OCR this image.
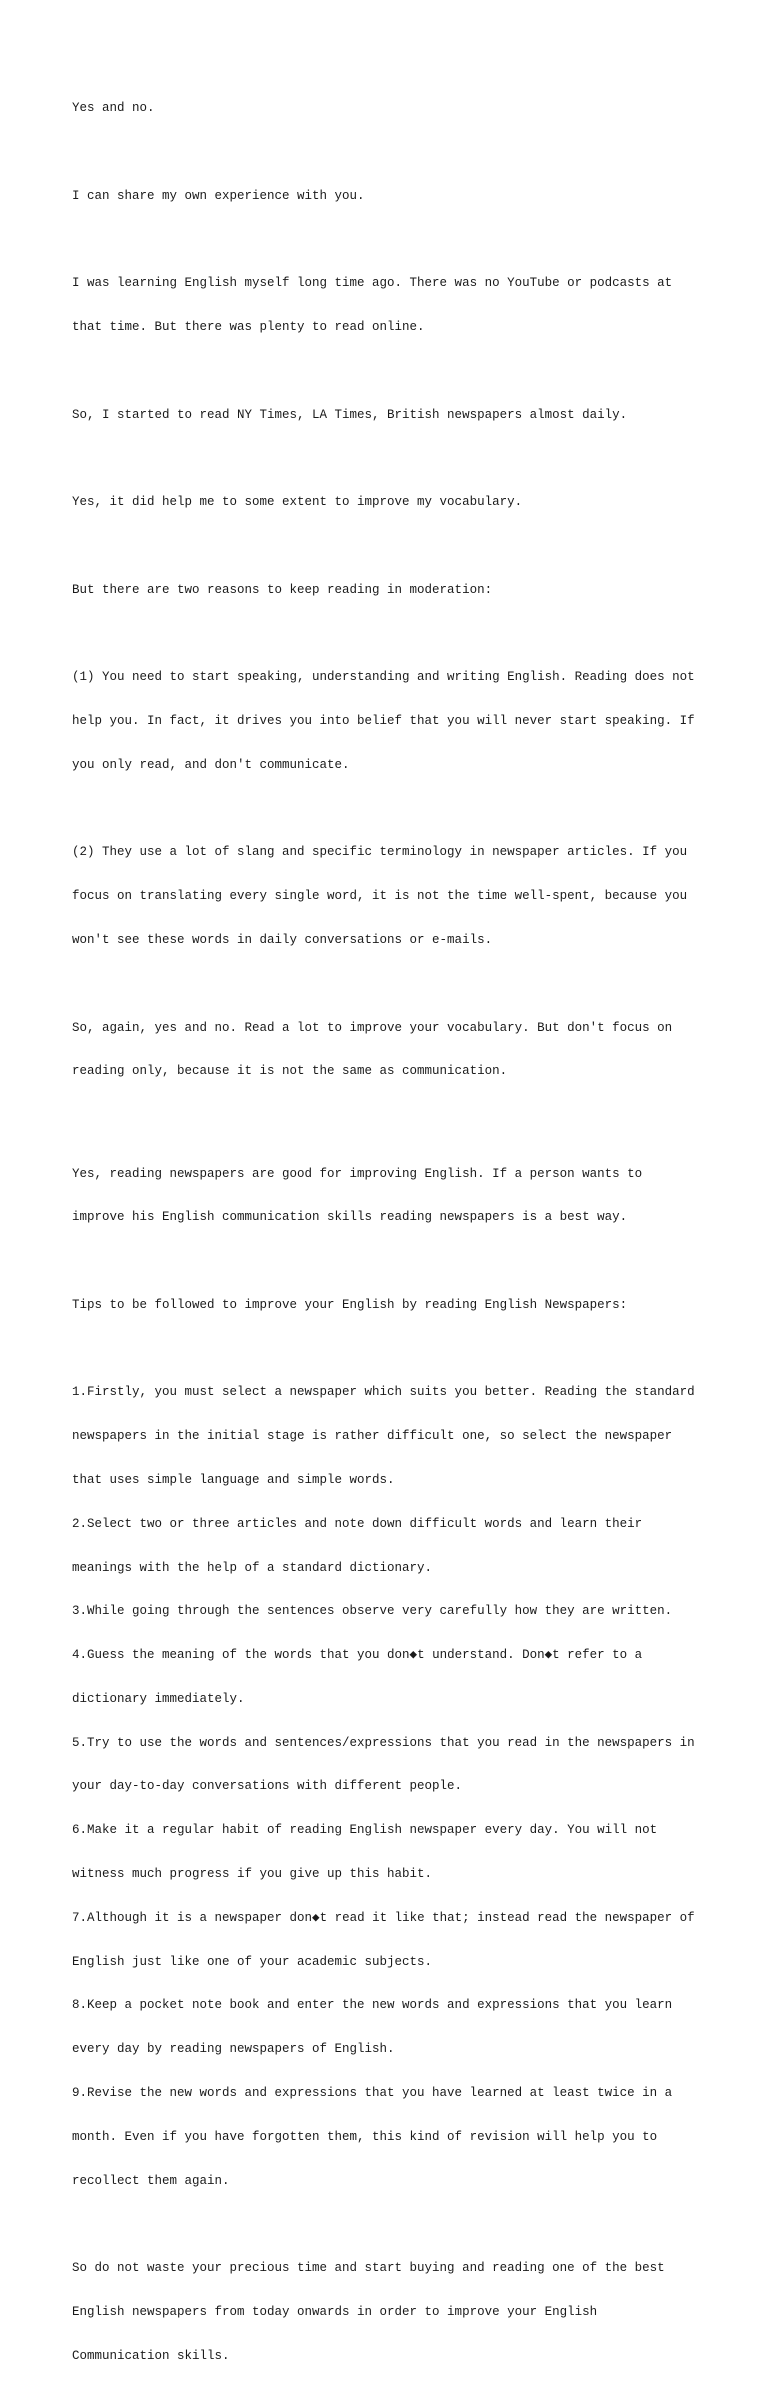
Yes and no.

I can share my own experience with you.

I was learning English myself long time ago. There was no YouTube or podcasts at

that time. But there was plenty to read online.

So, I started to read NY Times, LA Times, British newspapers almost daily.

Yes, it did help me to some extent to improve my vocabulary.

But there are two reasons to keep reading in moderation:

(1) You need to start speaking, understanding and writing English. Reading does not

help you. In fact, it drives you into belief that you will never start speaking. If

you only read, and don't communicate.

(2) They use a lot of slang and specific terminology in newspaper articles. If you

focus on translating every single word, it is not the time well-spent, because you

won't see these words in daily conversations or e-mails.

So, again, yes and no. Read a lot to improve your vocabulary. But don't focus on

reading only, because it is not the same as communication.

Yes, reading newspapers are good for improving English. If a person wants to

improve his English communication skills reading newspapers is a best way.

Tips to be followed to improve your English by reading English Newspapers:

1.Firstly, you must select a newspaper which suits you better. Reading the standard

newspapers in the initial stage is rather difficult one, so select the newspaper

that uses simple language and simple words.

2.Select two or three articles and note down difficult words and learn their

meanings with the help of a standard dictionary.

3.While going through the sentences observe very carefully how they are written.

4.Guess the meaning of the words that you don◆t understand. Don◆t refer to a

dictionary immediately.

5.Try to use the words and sentences/expressions that you read in the newspapers in

your day-to-day conversations with different people.

6.Make it a regular habit of reading English newspaper every day. You will not

witness much progress if you give up this habit.

7.Although it is a newspaper don◆t read it like that; instead read the newspaper of

English just like one of your academic subjects.

8.Keep a pocket note book and enter the new words and expressions that you learn

every day by reading newspapers of English.

9.Revise the new words and expressions that you have learned at least twice in a

month. Even if you have forgotten them, this kind of revision will help you to

recollect them again.

So do not waste your precious time and start buying and reading one of the best

English newspapers from today onwards in order to improve your English

Communication skills.
